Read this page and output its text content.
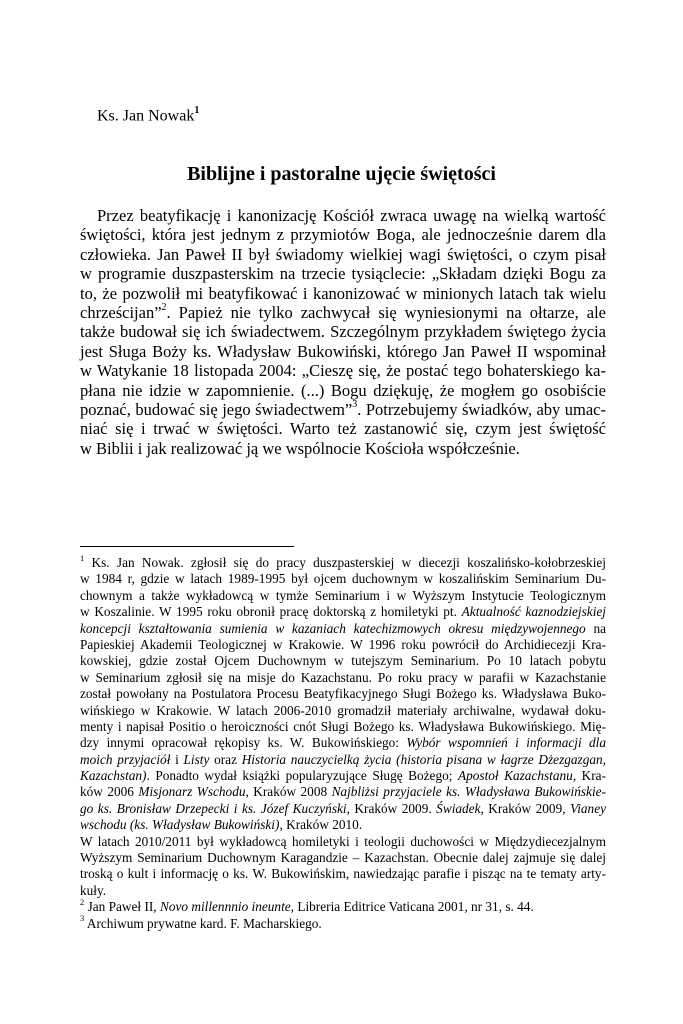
Ks. Jan Nowak$^1$
Biblijne i pastoralne ujęcie świętości
Przez beatyfikację i kanonizację Kościół zwraca uwagę na wielką wartość
świętości, która jest jednym z przymiotów Boga, ale jednocześnie darem dla
człowieka. Jan Paweł II był świadomy wielkiej wagi świętości, o czym pisał
w programie duszpasterskim na trzecie tysiąclecie: „Składam dzięki Bogu za
to, że pozwolił mi beatyfikować i kanonizować w minionych latach tak wielu
chrześcijan”$^2$. Papież nie tylko zachwycał się wyniesionymi na ołtarze, ale
także budował się ich świadectwem. Szczególnym przykładem świętego życia
jest Sługa Boży ks. Władysław Bukowiński, którego Jan Paweł II wspominał
w Watykanie 18 listopada 2004: „Cieszę się, że postać tego bohaterskiego ka-
płana nie idzie w zapomnienie. (...) Bogu dziękuję, że mogłem go osobiście
poznać, budować się jego świadectwem”$^3$. Potrzebujemy świadków, aby umac-
niać się i trwać w świętości. Warto też zastanowić się, czym jest świętość
w Biblii i jak realizować ją we wspólnocie Kościoła współcześnie.
$^1$ Ks. Jan Nowak. zgłosił się do pracy duszpasterskiej w diecezji koszalińsko-kołobrzeskiej
w 1984 r, gdzie w latach 1989-1995 był ojcem duchownym w koszalińskim Seminarium Du-
chownym a także wykładowcą w tymże Seminarium i w Wyższym Instytucie Teologicznym
w Koszalinie. W 1995 roku obronił pracę doktorską z homiletyki pt. Aktualność kaznodziejskiej
koncepcji kształtowania sumienia w kazaniach katechizmowych okresu międzywojennego na
Papieskiej Akademii Teologicznej w Krakowie. W 1996 roku powrócił do Archidiecezji Kra-
kowskiej, gdzie został Ojcem Duchownym w tutejszym Seminarium. Po 10 latach pobytu
w Seminarium zgłosił się na misje do Kazachstanu. Po roku pracy w parafii w Kazachstanie
został powołany na Postulatora Procesu Beatyfikacyjnego Sługi Bożego ks. Władysława Buko-
wińskiego w Krakowie. W latach 2006-2010 gromadził materiały archiwalne, wydawał doku-
menty i napisał Positio o heroiczności cnót Sługi Bożego ks. Władysława Bukowińskiego. Mię-
dzy innymi opracował rękopisy ks. W. Bukowińskiego: Wybór wspomnień i informacji dla
moich przyjaciół i Listy oraz Historia nauczycielką życia (historia pisana w łagrze Dżezgazgan,
Kazachstan). Ponadto wydał książki popularyzujące Sługę Bożego; Apostoł Kazachstanu, Kra-
ków 2006 Misjonarz Wschodu, Kraków 2008 Najbliżsi przyjaciele ks. Władysława Bukowińskie-
go ks. Bronisław Drzepecki i ks. Józef Kuczyński, Kraków 2009. Świadek, Kraków 2009, Vianey
wschodu (ks. Władysław Bukowiński), Kraków 2010.
W latach 2010/2011 był wykładowcą homiletyki i teologii duchowości w Międzydiecezjalnym
Wyższym Seminarium Duchownym Karagandzie – Kazachstan. Obecnie dalej zajmuje się dalej
troską o kult i informację o ks. W. Bukowińskim, nawiedzając parafie i pisząc na te tematy arty-
kuły.
$^2$ Jan Paweł II, Novo millennnio ineunte, Libreria Editrice Vaticana 2001, nr 31, s. 44.
$^3$ Archiwum prywatne kard. F. Macharskiego.
